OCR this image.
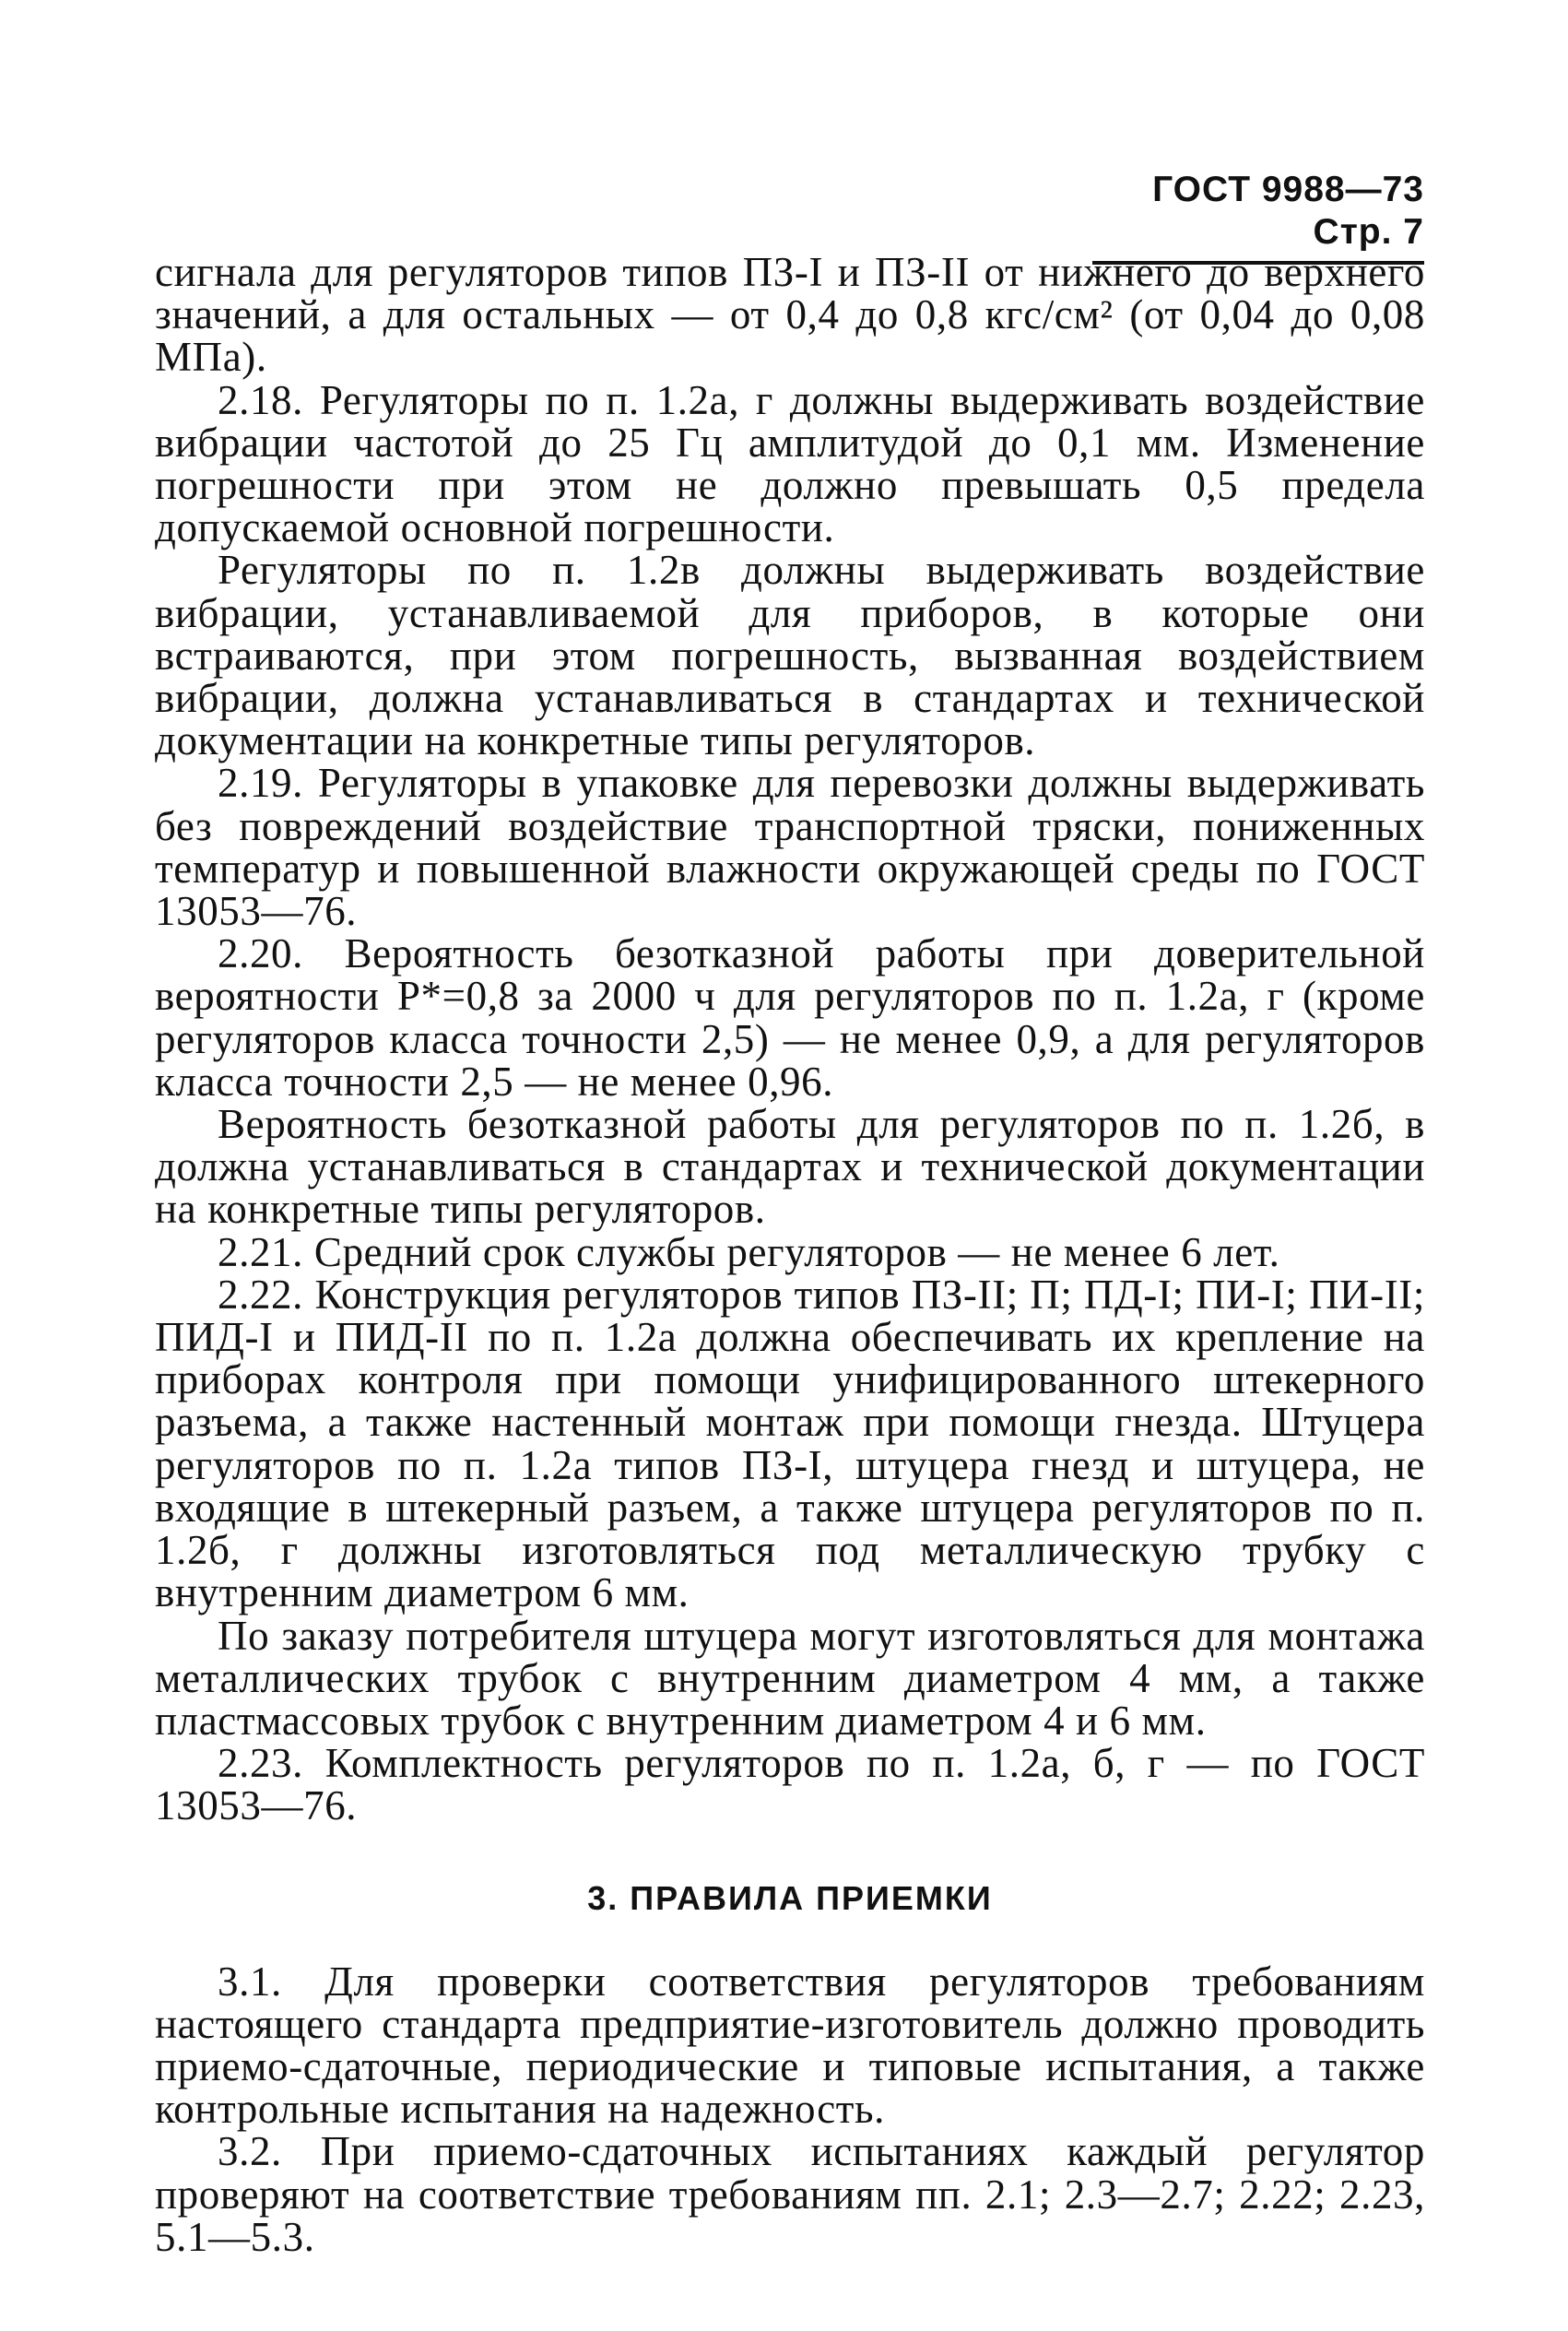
ГОСТ 9988—73 Стр. 7

сигнала для регуляторов типов ПЗ-I и ПЗ-II от нижнего до верхнего значений, а для остальных — от 0,4 до 0,8 кгс/см² (от 0,04 до 0,08 МПа).

2.18. Регуляторы по п. 1.2а, г должны выдерживать воздействие вибрации частотой до 25 Гц амплитудой до 0,1 мм. Изменение погрешности при этом не должно превышать 0,5 предела допускаемой основной погрешности.

Регуляторы по п. 1.2в должны выдерживать воздействие вибрации, устанавливаемой для приборов, в которые они встраиваются, при этом погрешность, вызванная воздействием вибрации, должна устанавливаться в стандартах и технической документации на конкретные типы регуляторов.

2.19. Регуляторы в упаковке для перевозки должны выдерживать без повреждений воздействие транспортной тряски, пониженных температур и повышенной влажности окружающей среды по ГОСТ 13053—76.

2.20. Вероятность безотказной работы при доверительной вероятности Р*=0,8 за 2000 ч для регуляторов по п. 1.2а, г (кроме регуляторов класса точности 2,5) — не менее 0,9, а для регуляторов класса точности 2,5 — не менее 0,96.

Вероятность безотказной работы для регуляторов по п. 1.2б, в должна устанавливаться в стандартах и технической документации на конкретные типы регуляторов.

2.21. Средний срок службы регуляторов — не менее 6 лет.

2.22. Конструкция регуляторов типов ПЗ-II; П; ПД-I; ПИ-I; ПИ-II; ПИД-I и ПИД-II по п. 1.2а должна обеспечивать их крепление на приборах контроля при помощи унифицированного штекерного разъема, а также настенный монтаж при помощи гнезда. Штуцера регуляторов по п. 1.2а типов ПЗ-I, штуцера гнезд и штуцера, не входящие в штекерный разъем, а также штуцера регуляторов по п. 1.2б, г должны изготовляться под металлическую трубку с внутренним диаметром 6 мм.

По заказу потребителя штуцера могут изготовляться для монтажа металлических трубок с внутренним диаметром 4 мм, а также пластмассовых трубок с внутренним диаметром 4 и 6 мм.

2.23. Комплектность регуляторов по п. 1.2а, б, г — по ГОСТ 13053—76.

3. ПРАВИЛА ПРИЕМКИ

3.1. Для проверки соответствия регуляторов требованиям настоящего стандарта предприятие-изготовитель должно проводить приемо-сдаточные, периодические и типовые испытания, а также контрольные испытания на надежность.

3.2. При приемо-сдаточных испытаниях каждый регулятор проверяют на соответствие требованиям пп. 2.1; 2.3—2.7; 2.22; 2.23, 5.1—5.3.
